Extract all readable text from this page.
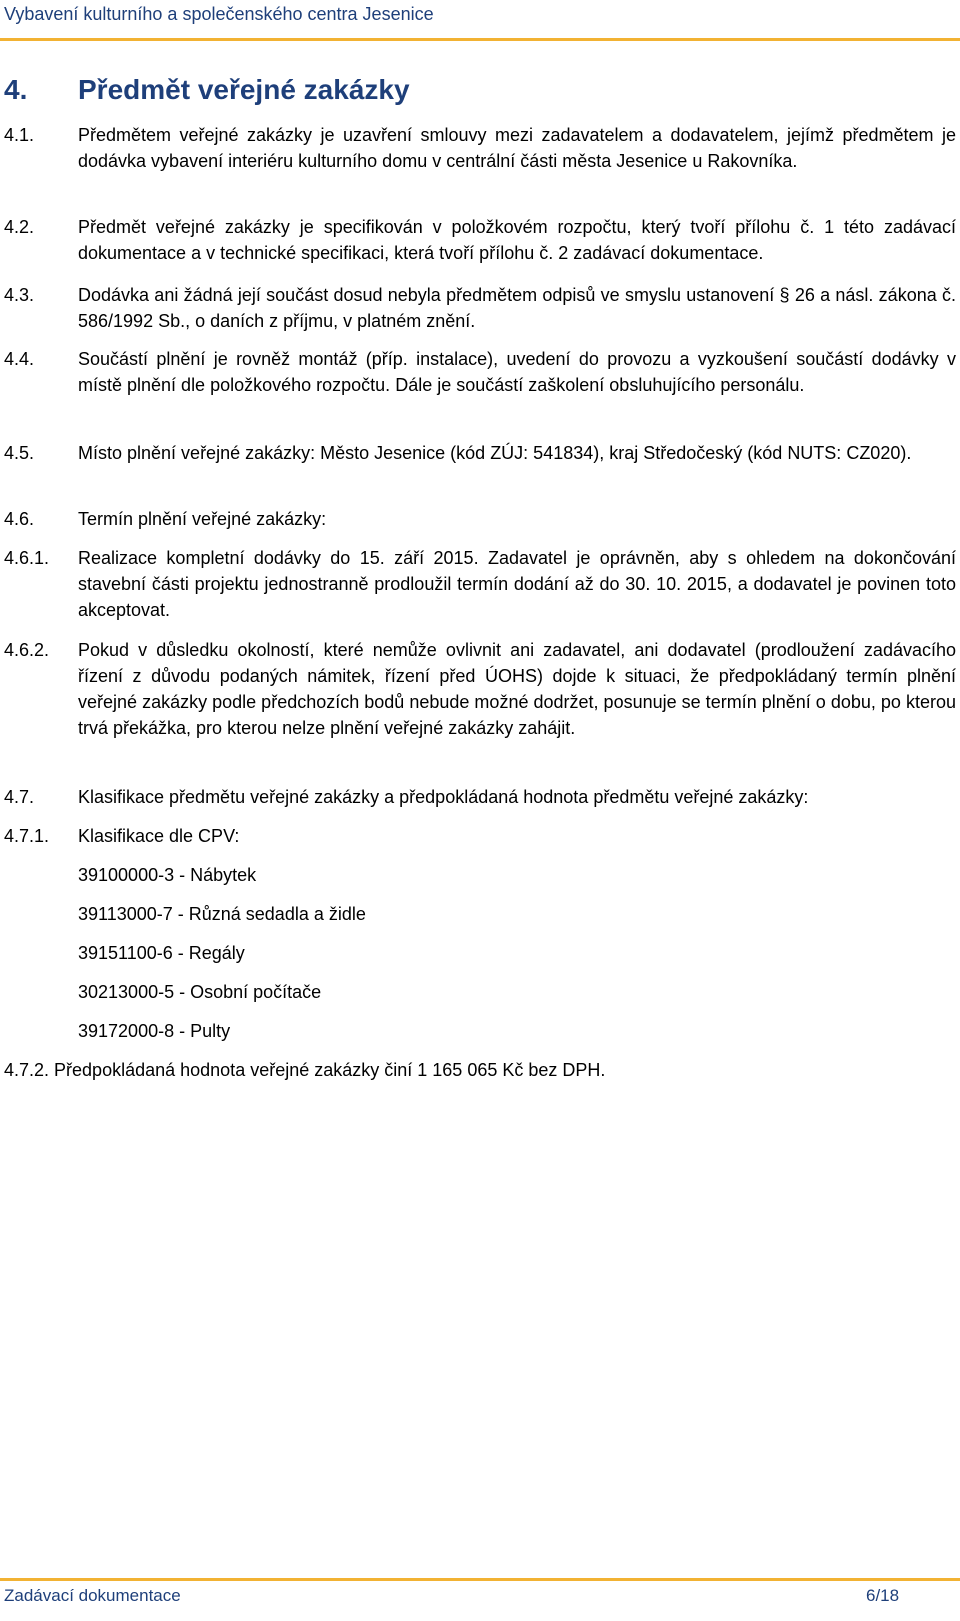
Vybavení kulturního a společenského centra Jesenice
4. Předmět veřejné zakázky
4.1.	Předmětem veřejné zakázky je uzavření smlouvy mezi zadavatelem a dodavatelem, jejímž předmětem je dodávka vybavení interiéru kulturního domu v centrální části města Jesenice u Rakovníka.
4.2.	Předmět veřejné zakázky je specifikován v položkovém rozpočtu, který tvoří přílohu č. 1 této zadávací dokumentace a v technické specifikaci, která tvoří přílohu č. 2 zadávací dokumentace.
4.3.	Dodávka ani žádná její součást dosud nebyla předmětem odpisů ve smyslu ustanovení § 26 a násl. zákona č. 586/1992 Sb., o daních z příjmu, v platném znění.
4.4.	Součástí plnění je rovněž montáž (příp. instalace), uvedení do provozu a vyzkoušení součástí dodávky v místě plnění dle položkového rozpočtu. Dále je součástí zaškolení obsluhujícího personálu.
4.5.	Místo plnění veřejné zakázky: Město Jesenice (kód ZÚJ: 541834), kraj Středočeský (kód NUTS: CZ020).
4.6.	Termín plnění veřejné zakázky:
4.6.1.	Realizace kompletní dodávky do 15. září 2015. Zadavatel je oprávněn, aby s ohledem na dokončování stavební části projektu jednostranně prodloužil termín dodání až do 30. 10. 2015, a dodavatel je povinen toto akceptovat.
4.6.2.	Pokud v důsledku okolností, které nemůže ovlivnit ani zadavatel, ani dodavatel (prodloužení zadávacího řízení z důvodu podaných námitek, řízení před ÚOHS) dojde k situaci, že předpokládaný termín plnění veřejné zakázky podle předchozích bodů nebude možné dodržet, posunuje se termín plnění o dobu, po kterou trvá překážka, pro kterou nelze plnění veřejné zakázky zahájit.
4.7.	Klasifikace předmětu veřejné zakázky a předpokládaná hodnota předmětu veřejné zakázky:
4.7.1.	Klasifikace dle CPV:
39100000-3 - Nábytek
39113000-7 - Různá sedadla a židle
39151100-6 - Regály
30213000-5 - Osobní počítače
39172000-8 - Pulty
4.7.2. Předpokládaná hodnota veřejné zakázky činí 1 165 065 Kč bez DPH.
Zadávací dokumentace	6/18
